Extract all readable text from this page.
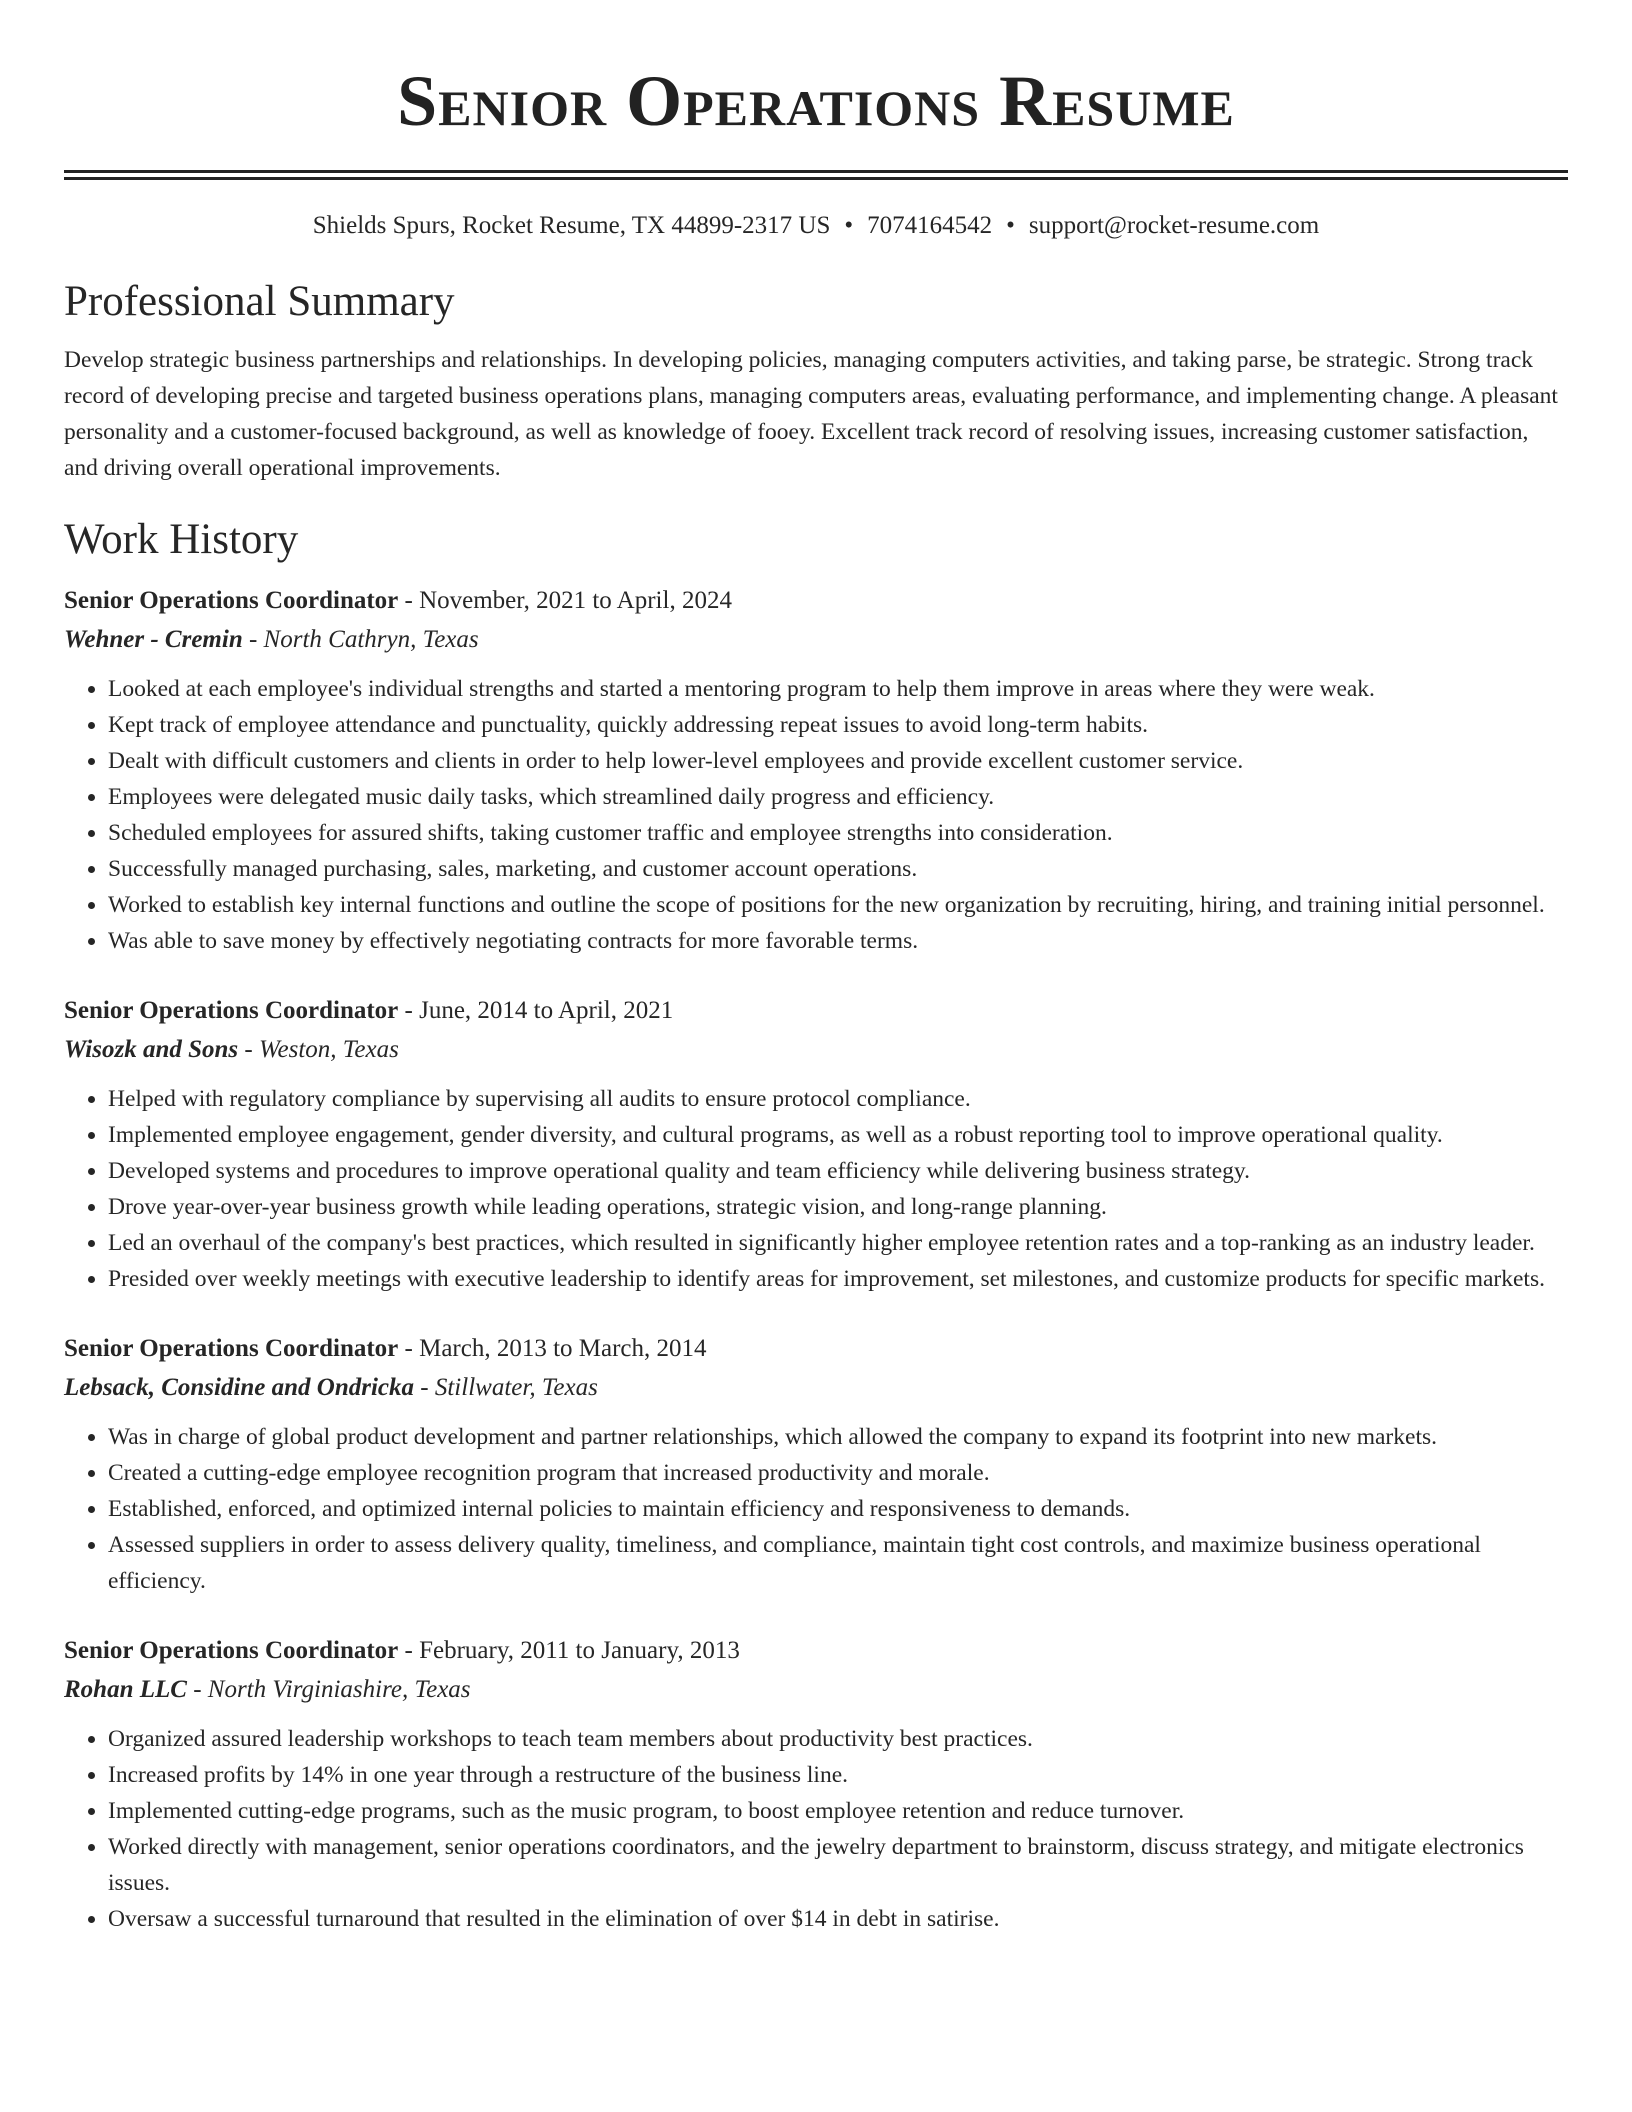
Senior Operations Resume
Shields Spurs, Rocket Resume, TX 44899-2317 US • 7074164542 • support@rocket-resume.com
Professional Summary

Develop strategic business partnerships and relationships. In developing policies, managing computers activities, and taking parse, be strategic. Strong track record of developing precise and targeted business operations plans, managing computers areas, evaluating performance, and implementing change. A pleasant personality and a customer-focused background, as well as knowledge of fooey. Excellent track record of resolving issues, increasing customer satisfaction, and driving overall operational improvements.

Work History
Senior Operations Coordinator - November, 2021 to April, 2024
Wehner - Cremin - North Cathryn, Texas
• Looked at each employee's individual strengths and started a mentoring program to help them improve in areas where they were weak.
• Kept track of employee attendance and punctuality, quickly addressing repeat issues to avoid long-term habits.
• Dealt with difficult customers and clients in order to help lower-level employees and provide excellent customer service.
• Employees were delegated music daily tasks, which streamlined daily progress and efficiency.
• Scheduled employees for assured shifts, taking customer traffic and employee strengths into consideration.
• Successfully managed purchasing, sales, marketing, and customer account operations.
• Worked to establish key internal functions and outline the scope of positions for the new organization by recruiting, hiring, and training initial personnel.
• Was able to save money by effectively negotiating contracts for more favorable terms.
Senior Operations Coordinator - June, 2014 to April, 2021
Wisozk and Sons - Weston, Texas
• Helped with regulatory compliance by supervising all audits to ensure protocol compliance.
• Implemented employee engagement, gender diversity, and cultural programs, as well as a robust reporting tool to improve operational quality.
• Developed systems and procedures to improve operational quality and team efficiency while delivering business strategy.
• Drove year-over-year business growth while leading operations, strategic vision, and long-range planning.
• Led an overhaul of the company's best practices, which resulted in significantly higher employee retention rates and a top-ranking as an industry leader.
• Presided over weekly meetings with executive leadership to identify areas for improvement, set milestones, and customize products for specific markets.
Senior Operations Coordinator - March, 2013 to March, 2014
Lebsack, Considine and Ondricka - Stillwater, Texas
• Was in charge of global product development and partner relationships, which allowed the company to expand its footprint into new markets.
• Created a cutting-edge employee recognition program that increased productivity and morale.
• Established, enforced, and optimized internal policies to maintain efficiency and responsiveness to demands.
• Assessed suppliers in order to assess delivery quality, timeliness, and compliance, maintain tight cost controls, and maximize business operational efficiency.
Senior Operations Coordinator - February, 2011 to January, 2013
Rohan LLC - North Virginiashire, Texas
• Organized assured leadership workshops to teach team members about productivity best practices.
• Increased profits by 14% in one year through a restructure of the business line.
• Implemented cutting-edge programs, such as the music program, to boost employee retention and reduce turnover.
• Worked directly with management, senior operations coordinators, and the jewelry department to brainstorm, discuss strategy, and mitigate electronics issues.
• Oversaw a successful turnaround that resulted in the elimination of over $14 in debt in satirise.
